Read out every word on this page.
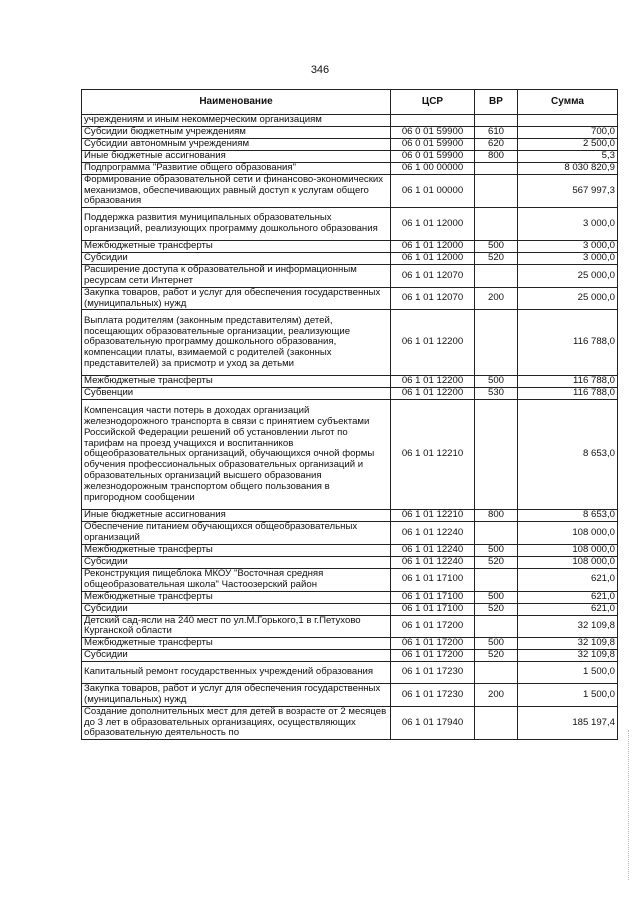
346
Наименование	ЦСР	ВР	Сумма
учреждениям и иным некоммерческим организациям			
Субсидии бюджетным учреждениям	06 0 01 59900	610	700,0
Субсидии автономным учреждениям	06 0 01 59900	620	2 500,0
Иные бюджетные ассигнования	06 0 01 59900	800	5,3
Подпрограмма "Развитие общего образования"	06 1 00 00000		8 030 820,9
Формирование образовательной сети и финансово-экономических механизмов, обеспечивающих равный доступ к услугам общего образования	06 1 01 00000		567 997,3
Поддержка развития муниципальных образовательных организаций, реализующих программу дошкольного образования	06 1 01 12000		3 000,0
Межбюджетные трансферты	06 1 01 12000	500	3 000,0
Субсидии	06 1 01 12000	520	3 000,0
Расширение доступа к образовательной и информационным ресурсам сети Интернет	06 1 01 12070		25 000,0
Закупка товаров, работ и услуг для обеспечения государственных (муниципальных) нужд	06 1 01 12070	200	25 000,0
Выплата родителям (законным представителям) детей, посещающих образовательные организации, реализующие образовательную программу дошкольного образования, компенсации платы, взимаемой с родителей (законных представителей) за присмотр и уход за детьми	06 1 01 12200		116 788,0
Межбюджетные трансферты	06 1 01 12200	500	116 788,0
Субвенции	06 1 01 12200	530	116 788,0
Компенсация части потерь в доходах организаций железнодорожного транспорта в связи с принятием субъектами Российской Федерации решений об установлении льгот по тарифам на проезд учащихся и воспитанников общеобразовательных организаций, обучающихся очной формы обучения профессиональных образовательных организаций и образовательных организаций высшего образования железнодорожным транспортом общего пользования в пригородном сообщении	06 1 01 12210		8 653,0
Иные бюджетные ассигнования	06 1 01 12210	800	8 653,0
Обеспечение питанием обучающихся общеобразовательных организаций	06 1 01 12240		108 000,0
Межбюджетные трансферты	06 1 01 12240	500	108 000,0
Субсидии	06 1 01 12240	520	108 000,0
Реконструкция пищеблока МКОУ "Восточная средняя общеобразовательная школа" Частоозерский район	06 1 01 17100		621,0
Межбюджетные трансферты	06 1 01 17100	500	621,0
Субсидии	06 1 01 17100	520	621,0
Детский сад-ясли на 240 мест по ул.М.Горького,1 в г.Петухово Курганской области	06 1 01 17200		32 109,8
Межбюджетные трансферты	06 1 01 17200	500	32 109,8
Субсидии	06 1 01 17200	520	32 109,8
Капитальный ремонт государственных учреждений образования	06 1 01 17230		1 500,0
Закупка товаров, работ и услуг для обеспечения государственных (муниципальных) нужд	06 1 01 17230	200	1 500,0
Создание дополнительных мест для детей в возрасте от 2 месяцев до 3 лет в образовательных организациях, осуществляющих образовательную деятельность по	06 1 01 17940		185 197,4
